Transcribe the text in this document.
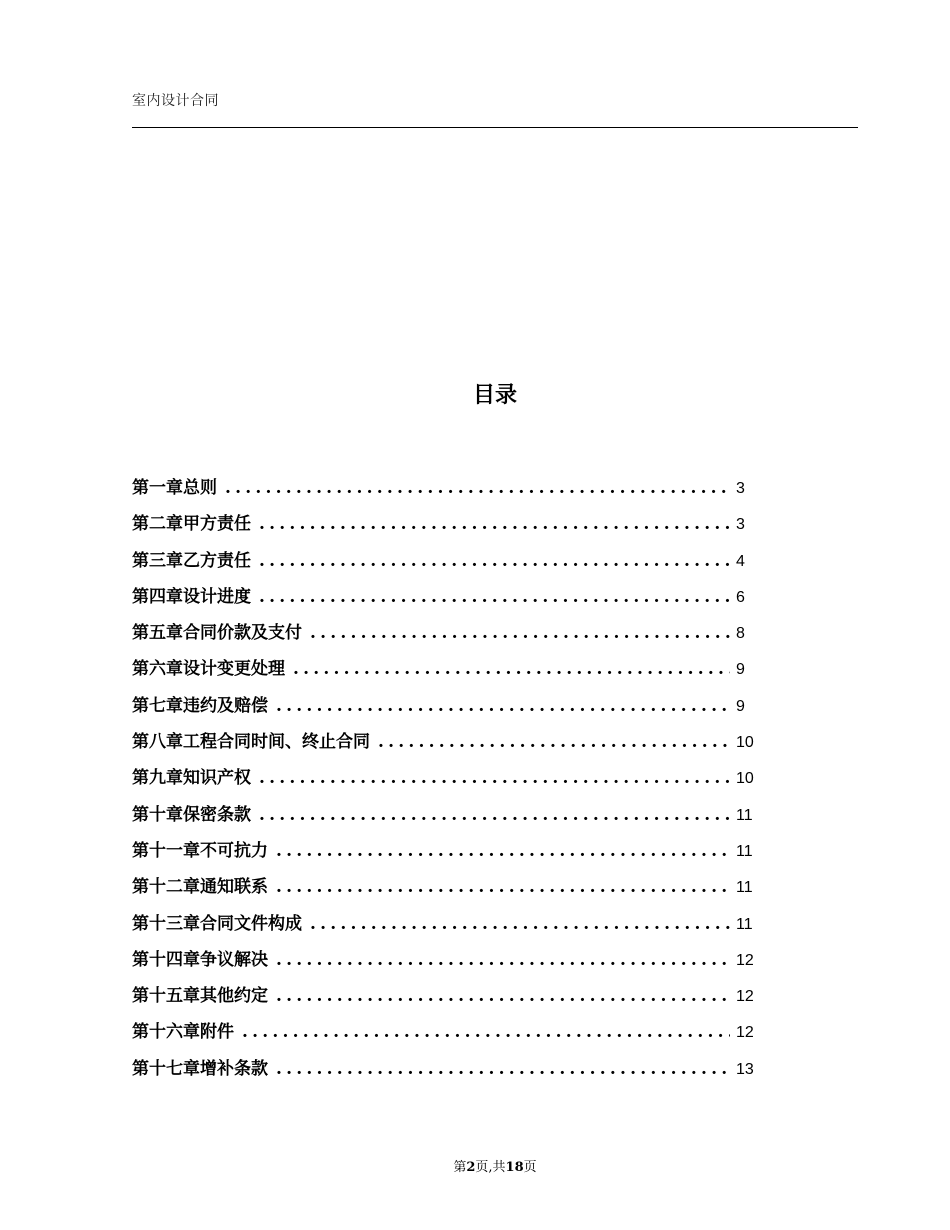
室内设计合同
目录
第一章总则 .....	3
第二章甲方责任 .....	3
第三章乙方责任 .....	4
第四章设计进度 .....	6
第五章合同价款及支付 .....	8
第六章设计变更处理 .....	9
第七章违约及赔偿 .....	9
第八章工程合同时间、终止合同 .....	10
第九章知识产权 .....	10
第十章保密条款 .....	11
第十一章不可抗力 .....	11
第十二章通知联系 .....	11
第十三章合同文件构成 .....	11
第十四章争议解决 .....	12
第十五章其他约定 .....	12
第十六章附件 .....	12
第十七章增补条款 .....	13
第2页,共18页
